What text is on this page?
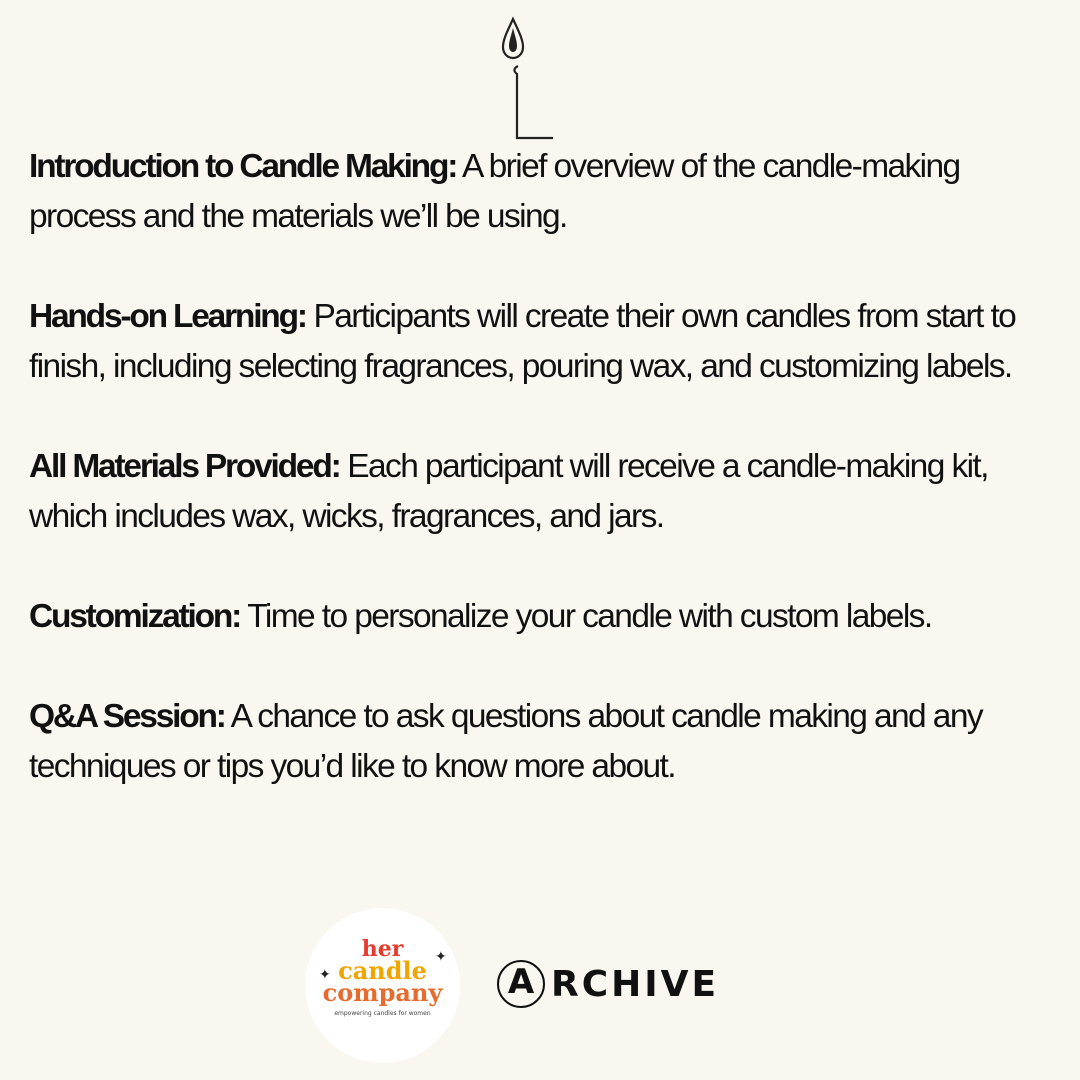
Introduction to Candle Making: A brief overview of the candle-making process and the materials we’ll be using.

Hands-on Learning: Participants will create their own candles from start to finish, including selecting fragrances, pouring wax, and customizing labels.

All Materials Provided: Each participant will receive a candle-making kit, which includes wax, wicks, fragrances, and jars.

Customization: Time to personalize your candle with custom labels.

Q&A Session: A chance to ask questions about candle making and any techniques or tips you’d like to know more about.

✦
✦
her
candle
company
empowering candles for women
A RCHIVE
